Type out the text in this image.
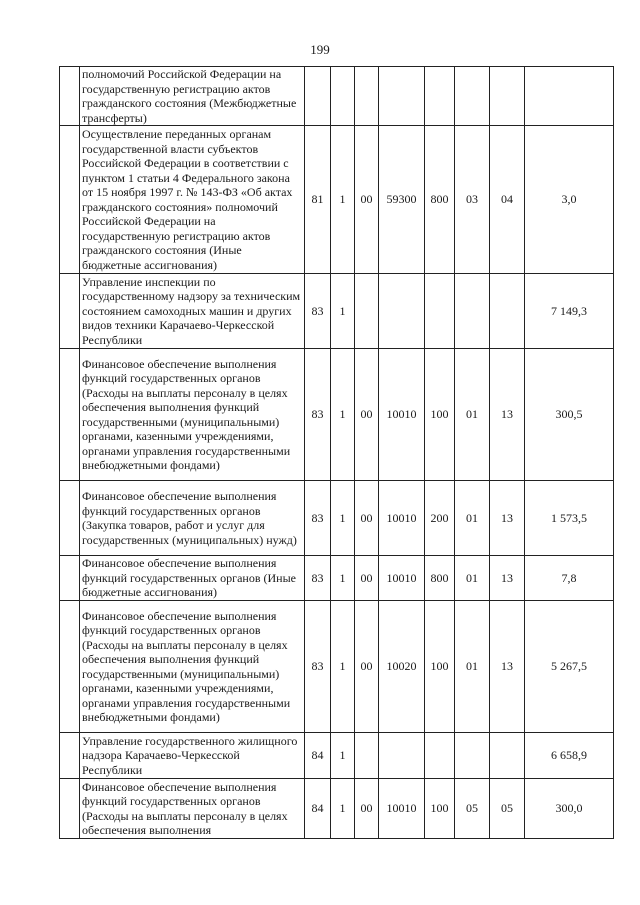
199
	полномочий Российской Федерации на государственную регистрацию актов гражданского состояния (Межбюджетные трансферты)								
	Осуществление переданных органам государственной власти субъектов Российской Федерации в соответствии с пунктом 1 статьи 4 Федерального закона от 15 ноября 1997 г. № 143-ФЗ «Об актах гражданского состояния» полномочий Российской Федерации на государственную регистрацию актов гражданского состояния (Иные бюджетные ассигнования)	81	1	00	59300	800	03	04	3,0
	Управление инспекции по государственному надзору за техническим состоянием самоходных машин и других видов техники Карачаево-Черкесской Республики	83	1						7 149,3
	Финансовое обеспечение выполнения функций государственных органов (Расходы на выплаты персоналу в целях обеспечения выполнения функций государственными (муниципальными) органами, казенными учреждениями, органами управления государственными внебюджетными фондами)	83	1	00	10010	100	01	13	300,5
	Финансовое обеспечение выполнения функций государственных органов (Закупка товаров, работ и услуг для государственных (муниципальных) нужд)	83	1	00	10010	200	01	13	1 573,5
	Финансовое обеспечение выполнения функций государственных органов (Иные бюджетные ассигнования)	83	1	00	10010	800	01	13	7,8
	Финансовое обеспечение выполнения функций государственных органов (Расходы на выплаты персоналу в целях обеспечения выполнения функций государственными (муниципальными) органами, казенными учреждениями, органами управления государственными внебюджетными фондами)	83	1	00	10020	100	01	13	5 267,5
	Управление государственного жилищного надзора Карачаево-Черкесской Республики	84	1						6 658,9
	Финансовое обеспечение выполнения функций государственных органов (Расходы на выплаты персоналу в целях обеспечения выполнения	84	1	00	10010	100	05	05	300,0
